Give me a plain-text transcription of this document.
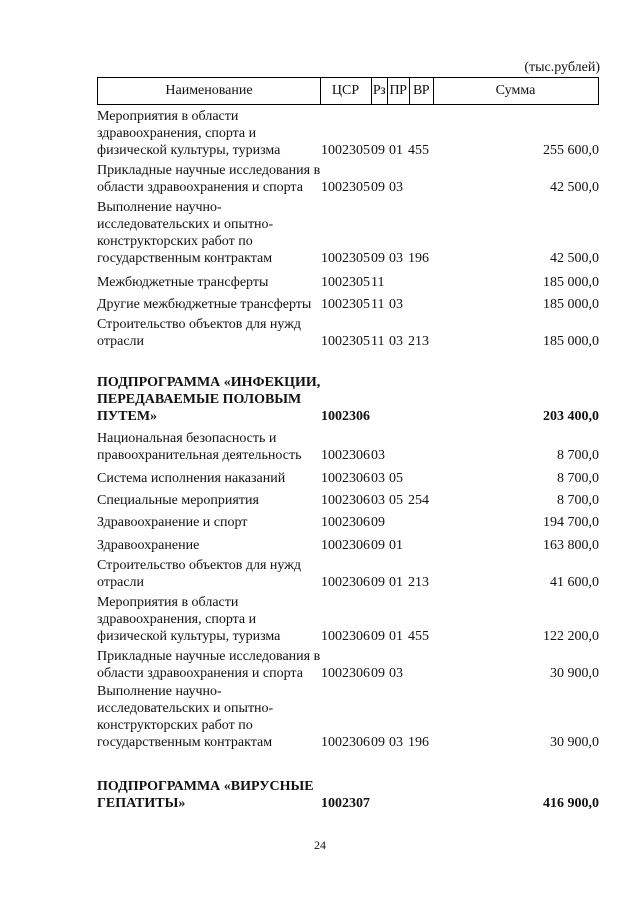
(тыс.рублей)
Наименование	ЦСР Рз ПР ВР	Сумма
Мероприятия в области здравоохранения, спорта и физической культуры, туризма	1002305 09 01 455	255 600,0
Прикладные научные исследования в области здравоохранения и спорта	1002305 09 03	42 500,0
Выполнение научно-исследовательских и опытно-конструкторских работ по государственным контрактам	1002305 09 03 196	42 500,0
Межбюджетные трансферты	1002305 11	185 000,0
Другие межбюджетные трансферты 1002305 11 03	185 000,0
Строительство объектов для нужд отрасли	1002305 11 03 213	185 000,0
ПОДПРОГРАММА «ИНФЕКЦИИ, ПЕРЕДАВАЕМЫЕ ПОЛОВЫМ ПУТЕМ»	1002306	203 400,0
Национальная безопасность и правоохранительная деятельность	1002306 03	8 700,0
Система исполнения наказаний	1002306 03 05	8 700,0
Специальные мероприятия	1002306 03 05 254	8 700,0
Здравоохранение и спорт	1002306 09	194 700,0
Здравоохранение	1002306 09 01	163 800,0
Строительство объектов для нужд отрасли	1002306 09 01 213	41 600,0
Мероприятия в области здравоохранения, спорта и физической культуры, туризма	1002306 09 01 455	122 200,0
Прикладные научные исследования в области здравоохранения и спорта	1002306 09 03	30 900,0
Выполнение научно-исследовательских и опытно-конструкторских работ по государственным контрактам	1002306 09 03 196	30 900,0
ПОДПРОГРАММА «ВИРУСНЫЕ ГЕПАТИТЫ»	1002307	416 900,0
24
